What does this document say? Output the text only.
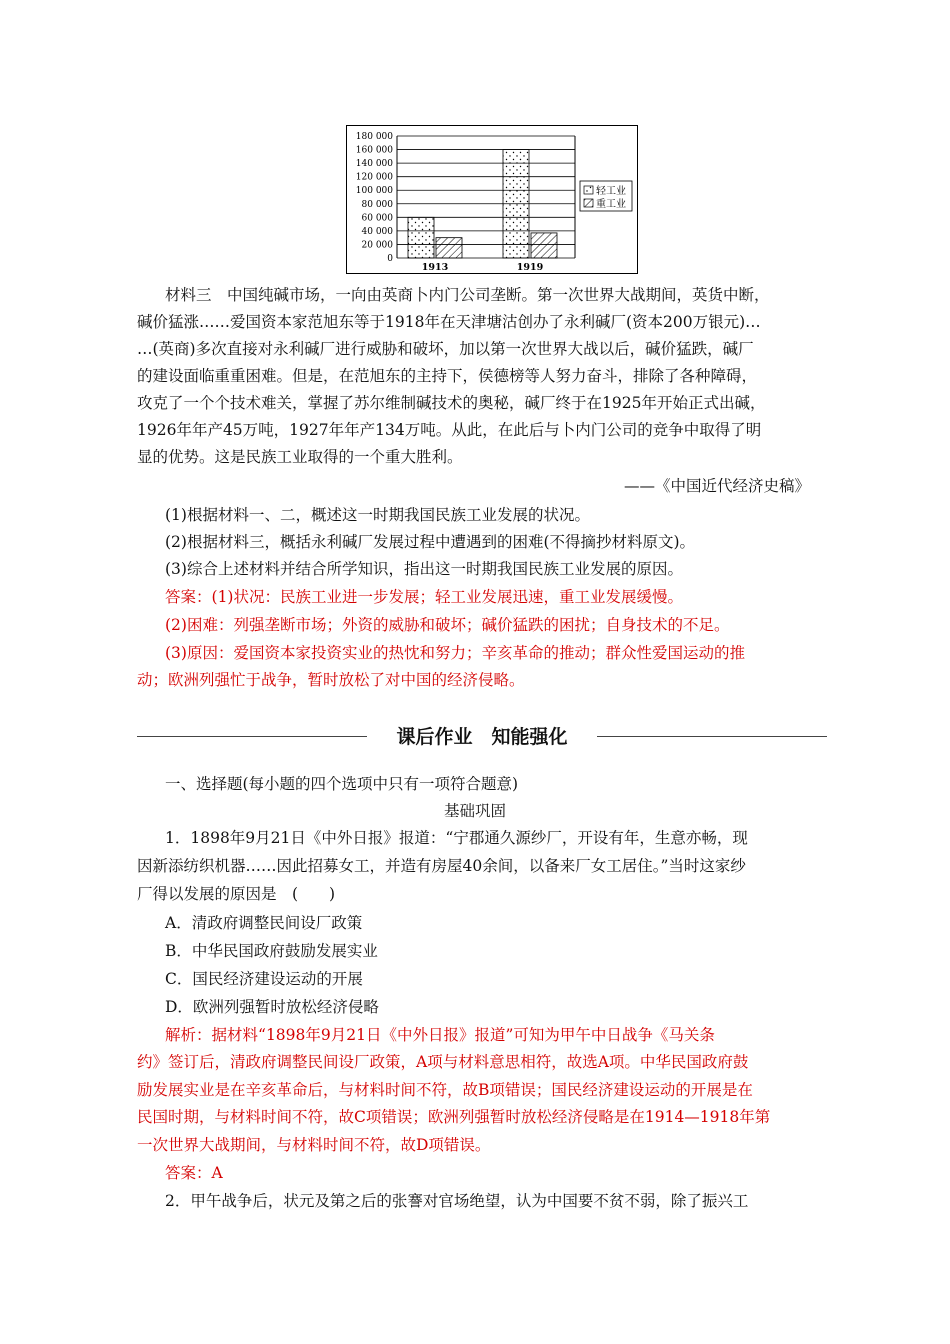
180 000
160 000
140 000
120 000
100 000
80 000
60 000
40 000
20 000
0
1913	1919
轻工业
重工业
材料三　中国纯碱市场，一向由英商卜内门公司垄断。第一次世界大战期间，英货中断，
碱价猛涨……爱国资本家范旭东等于1918年在天津塘沽创办了永利碱厂(资本200万银元)…
…(英商)多次直接对永利碱厂进行威胁和破坏，加以第一次世界大战以后，碱价猛跌，碱厂
的建设面临重重困难。但是，在范旭东的主持下，侯德榜等人努力奋斗，排除了各种障碍，
攻克了一个个技术难关，掌握了苏尔维制碱技术的奥秘，碱厂终于在1925年开始正式出碱，
1926年年产45万吨，1927年年产134万吨。从此，在此后与卜内门公司的竞争中取得了明
显的优势。这是民族工业取得的一个重大胜利。
——《中国近代经济史稿》
(1)根据材料一、二，概述这一时期我国民族工业发展的状况。
(2)根据材料三，概括永利碱厂发展过程中遭遇到的困难(不得摘抄材料原文)。
(3)综合上述材料并结合所学知识，指出这一时期我国民族工业发展的原因。
答案：(1)状况：民族工业进一步发展；轻工业发展迅速，重工业发展缓慢。
(2)困难：列强垄断市场；外资的威胁和破坏；碱价猛跌的困扰；自身技术的不足。
(3)原因：爱国资本家投资实业的热忱和努力；辛亥革命的推动；群众性爱国运动的推
动；欧洲列强忙于战争，暂时放松了对中国的经济侵略。
课后作业　知能强化
一、选择题(每小题的四个选项中只有一项符合题意)
基础巩固
1．1898年9月21日《中外日报》报道：“宁郡通久源纱厂，开设有年，生意亦畅，现
因新添纺织机器……因此招募女工，并造有房屋40余间，以备来厂女工居住。”当时这家纱
厂得以发展的原因是　(　　)
A．清政府调整民间设厂政策
B．中华民国政府鼓励发展实业
C．国民经济建设运动的开展
D．欧洲列强暂时放松经济侵略
解析：据材料“1898年9月21日《中外日报》报道”可知为甲午中日战争《马关条
约》签订后，清政府调整民间设厂政策，A项与材料意思相符，故选A项。中华民国政府鼓
励发展实业是在辛亥革命后，与材料时间不符，故B项错误；国民经济建设运动的开展是在
民国时期，与材料时间不符，故C项错误；欧洲列强暂时放松经济侵略是在1914—1918年第
一次世界大战期间，与材料时间不符，故D项错误。
答案：A
2．甲午战争后，状元及第之后的张謇对官场绝望，认为中国要不贫不弱，除了振兴工
